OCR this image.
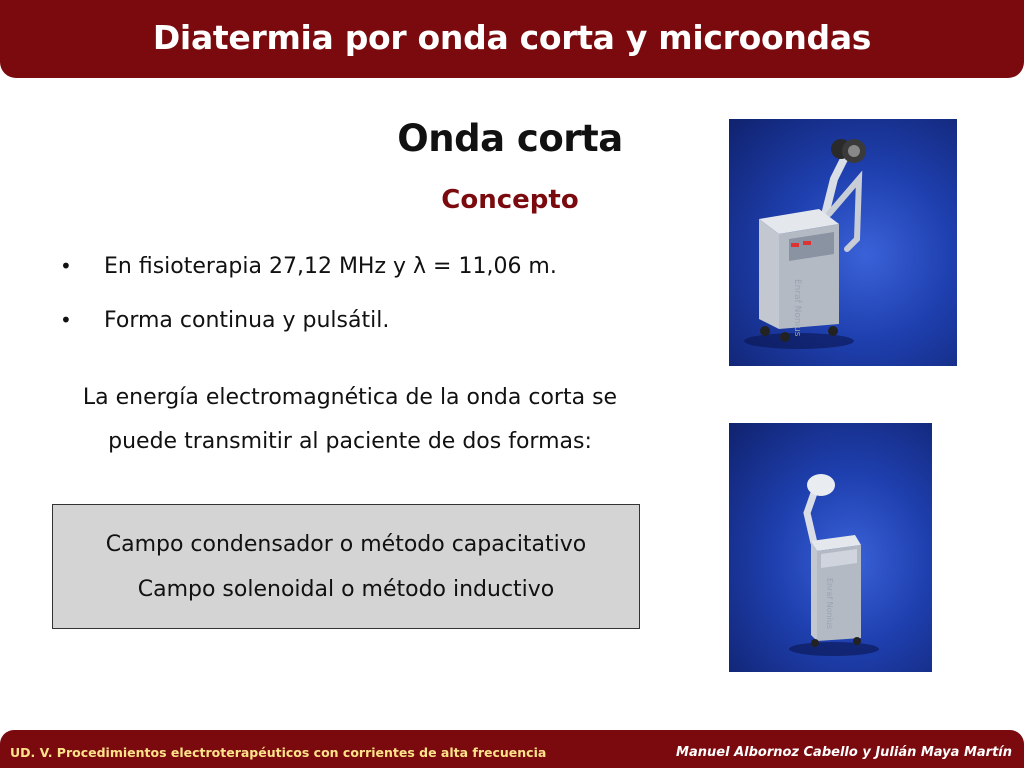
Diatermia por onda corta y microondas
Onda corta
Concepto
•	En fisioterapia 27,12 MHz y λ = 11,06 m.
•	Forma continua y pulsátil.
La energía electromagnética de la onda corta se
puede transmitir al paciente de dos formas:
Campo condensador o método capacitativo
Campo solenoidal o método inductivo
Enraf Nonius
Enraf Nonius
UD. V. Procedimientos electroterapéuticos con corrientes de alta frecuencia	Manuel Albornoz Cabello y Julián Maya Martín
